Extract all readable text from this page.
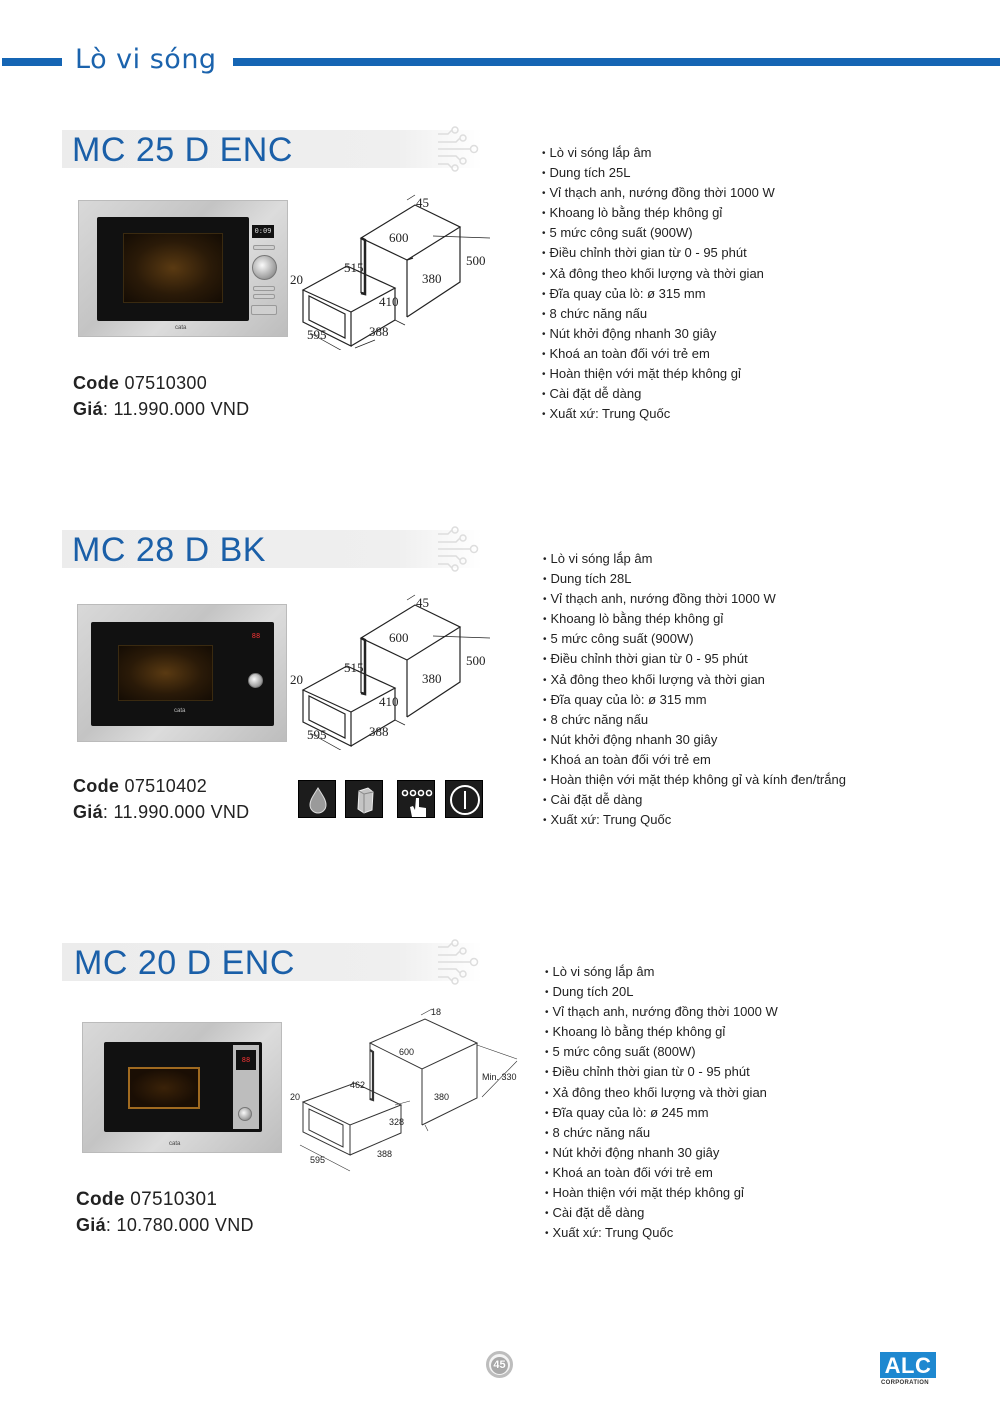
Lò vi sóng
MC 25 D ENC
0:09
cata
45
600
500
515
380
20
410
595	388
Code 07510300
Giá: 11.990.000 VND
• Lò vi sóng lắp âm
• Dung tích 25L
• Vỉ thạch anh, nướng đồng thời 1000 W
• Khoang lò bằng thép không gỉ
• 5 mức công suất (900W)
• Điều chỉnh thời gian từ 0 - 95 phút
• Xả đông theo khối lượng và thời gian
• Đĩa quay của lò: ø 315 mm
• 8 chức năng nấu
• Nút khởi động nhanh 30 giây
• Khoá an toàn đối với trẻ em
• Hoàn thiện với mặt thép không gỉ
• Cài đặt dễ dàng
• Xuất xứ: Trung Quốc
MC 28 D BK
88
cata
45
600
500
515
380
20
410
595	388
Code 07510402
Giá: 11.990.000 VND
• Lò vi sóng lắp âm
• Dung tích 28L
• Vỉ thạch anh, nướng đồng thời 1000 W
• Khoang lò bằng thép không gỉ
• 5 mức công suất (900W)
• Điều chỉnh thời gian từ 0 - 95 phút
• Xả đông theo khối lượng và thời gian
• Đĩa quay của lò: ø 315 mm
• 8 chức năng nấu
• Nút khởi động nhanh 30 giây
• Khoá an toàn đối với trẻ em
• Hoàn thiện với mặt thép không gỉ và kính đen/trắng
• Cài đặt dễ dàng
• Xuất xứ: Trung Quốc
MC 20 D ENC
88
cata
18
600
Min. 330
462
380
20
328
595
388
Code 07510301
Giá: 10.780.000 VND
• Lò vi sóng lắp âm
• Dung tích 20L
• Vỉ thạch anh, nướng đồng thời 1000 W
• Khoang lò bằng thép không gỉ
• 5 mức công suất (800W)
• Điều chỉnh thời gian từ 0 - 95 phút
• Xả đông theo khối lượng và thời gian
• Đĩa quay của lò: ø 245 mm
• 8 chức năng nấu
• Nút khởi động nhanh 30 giây
• Khoá an toàn đối với trẻ em
• Hoàn thiện với mặt thép không gỉ
• Cài đặt dễ dàng
• Xuất xứ: Trung Quốc
45	ALC
CORPORATION
